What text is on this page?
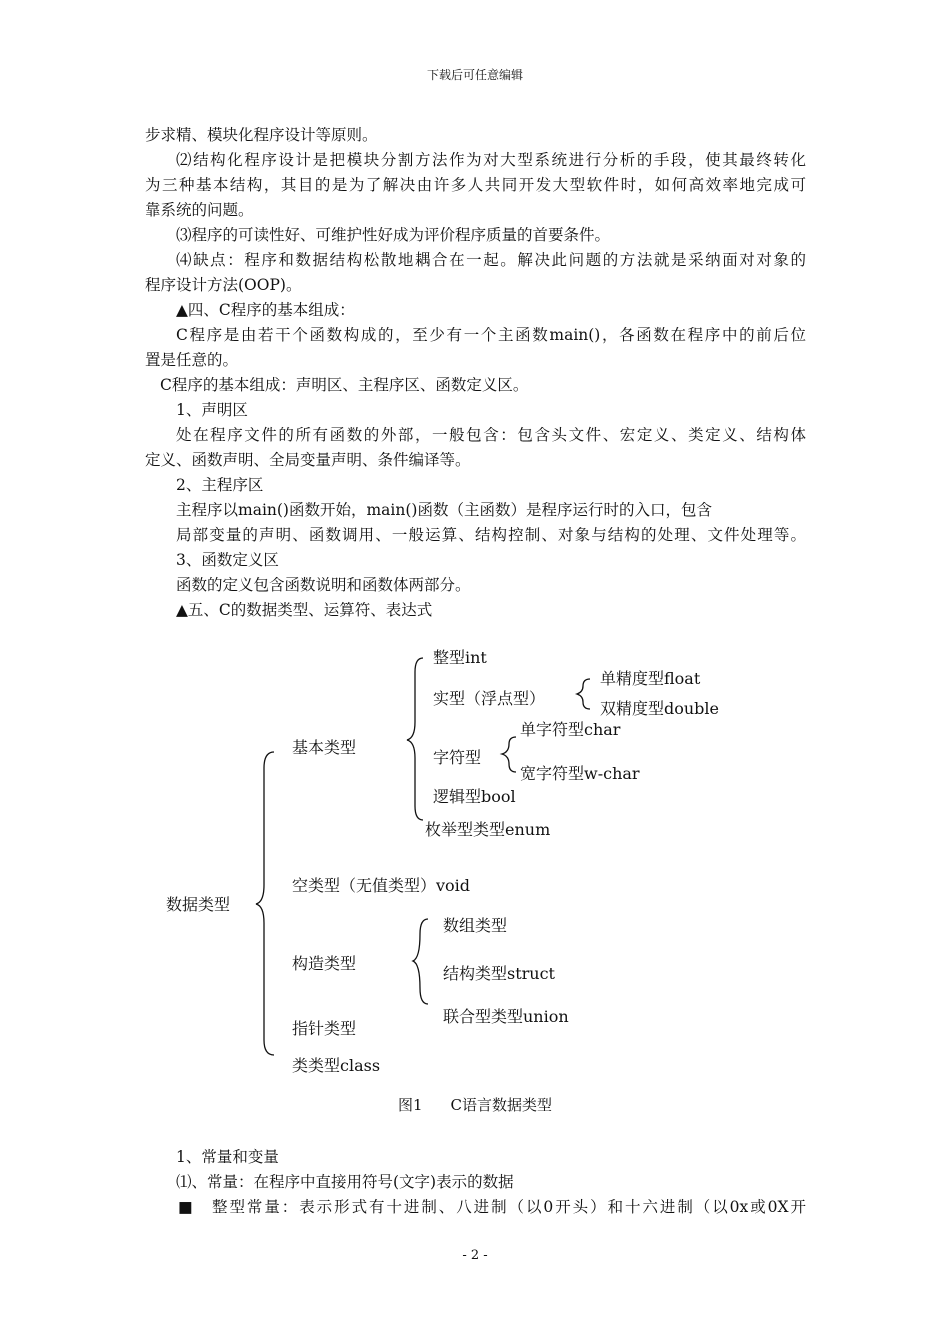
下载后可任意编辑
步求精、模块化程序设计等原则。
⑵结构化程序设计是把模块分割方法作为对大型系统进行分析的手段，使其最终转化
为三种基本结构，其目的是为了解决由许多人共同开发大型软件时，如何高效率地完成可
靠系统的问题。
⑶程序的可读性好、可维护性好成为评价程序质量的首要条件。
⑷缺点：程序和数据结构松散地耦合在一起。解决此问题的方法就是采纳面对对象的
程序设计方法(OOP)。
▲四、C程序的基本组成：
C程序是由若干个函数构成的，至少有一个主函数main()，各函数在程序中的前后位
置是任意的。
C程序的基本组成：声明区、主程序区、函数定义区。
1、声明区
处在程序文件的所有函数的外部，一般包含：包含头文件、宏定义、类定义、结构体
定义、函数声明、全局变量声明、条件编译等。
2、主程序区
主程序以main()函数开始，main()函数（主函数）是程序运行时的入口，包含
局部变量的声明、函数调用、一般运算、结构控制、对象与结构的处理、文件处理等。
3、函数定义区
函数的定义包含函数说明和函数体两部分。
▲五、C的数据类型、运算符、表达式
数据类型
基本类型
整型int
实型（浮点型）
单精度型float
双精度型double
字符型
单字符型char
宽字符型w-char
逻辑型bool
枚举型类型enum
空类型（无值类型）void
构造类型
数组类型
结构类型struct
联合型类型union
指针类型
类类型class
图1 C语言数据类型
1、常量和变量
⑴、常量：在程序中直接用符号(文字)表示的数据
■　整型常量：表示形式有十进制、八进制（以0开头）和十六进制（以0x或0X开
- 2 -
